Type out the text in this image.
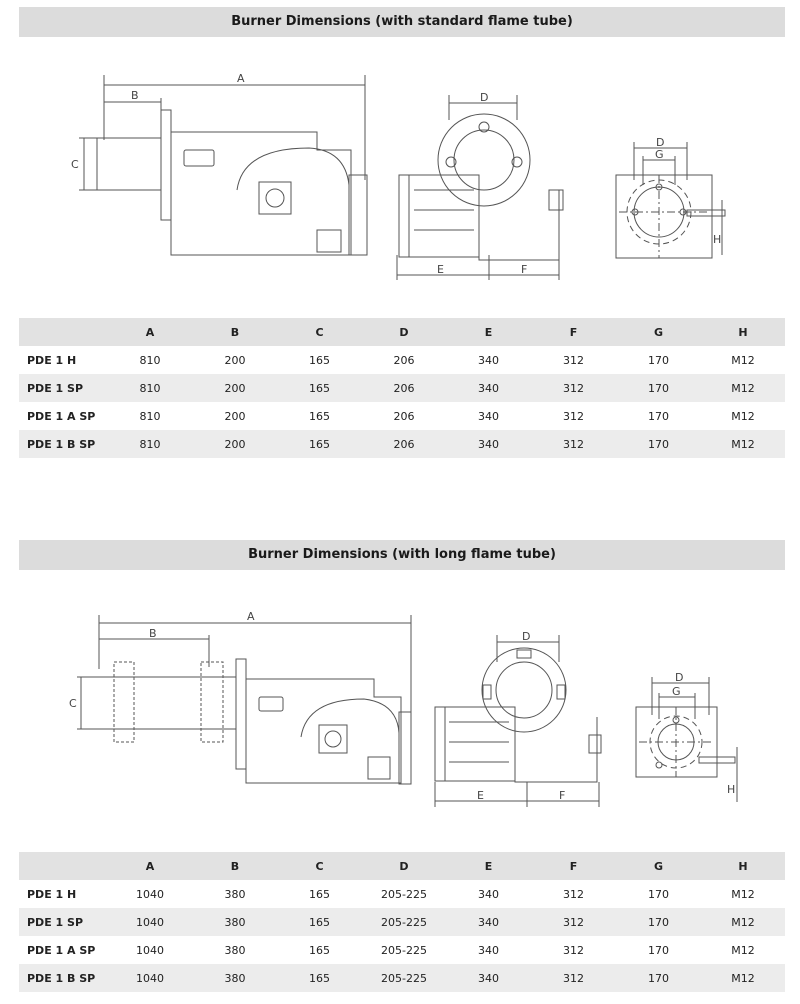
Burner Dimensions (with standard flame tube)
A
B
C
D
E	F
D
G
H
	A	B	C	D	E	F	G	H
PDE 1 H	810	200	165	206	340	312	170	M12
PDE 1 SP	810	200	165	206	340	312	170	M12
PDE 1 A SP	810	200	165	206	340	312	170	M12
PDE 1 B SP	810	200	165	206	340	312	170	M12
Burner Dimensions (with long flame tube)
A
B
C
D
E	F
D
G
H
	A	B	C	D	E	F	G	H
PDE 1 H	1040	380	165	205-225	340	312	170	M12
PDE 1 SP	1040	380	165	205-225	340	312	170	M12
PDE 1 A SP	1040	380	165	205-225	340	312	170	M12
PDE 1 B SP	1040	380	165	205-225	340	312	170	M12
